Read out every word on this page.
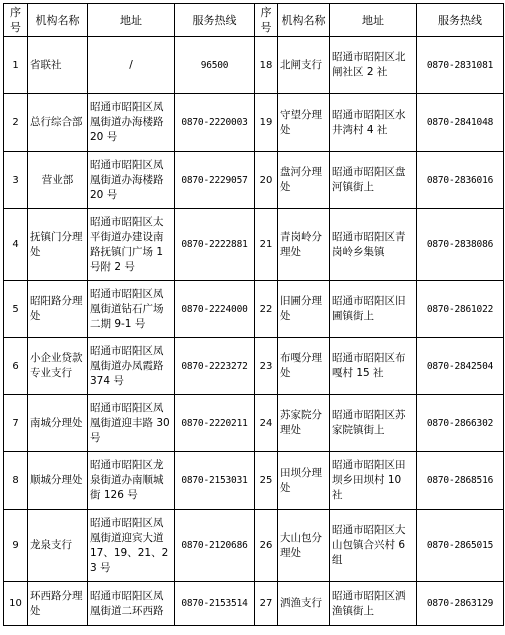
序号	机构名称	地址	服务热线	序号	机构名称	地址	服务热线
1	省联社	/	96500	18	北闸支行	昭通市昭阳区北闸社区 2 社	0870-2831081
2	总行综合部	昭通市昭阳区凤凰街道办海楼路 20 号	0870-2220003	19	守望分理处	昭通市昭阳区水井湾村 4 社	0870-2841048
3	营业部	昭通市昭阳区凤凰街道办海楼路 20 号	0870-2229057	20	盘河分理处	昭通市昭阳区盘河镇街上	0870-2836016
4	抚镇门分理处	昭通市昭阳区太平街道办建设南路抚镇门广场 1 号附 2 号	0870-2222881	21	青岗岭分理处	昭通市昭阳区青岗岭乡集镇	0870-2838086
5	昭阳路分理处	昭通市昭阳区凤凰街道钻石广场二期 9-1 号	0870-2224000	22	旧圃分理处	昭通市昭阳区旧圃镇街上	0870-2861022
6	小企业贷款专业支行	昭通市昭阳区凤凰街道办凤霞路 374 号	0870-2223272	23	布嘎分理处	昭通市昭阳区布嘎村 15 社	0870-2842504
7	南城分理处	昭通市昭阳区凤凰街道迎丰路 30 号	0870-2220211	24	苏家院分理处	昭通市昭阳区苏家院镇街上	0870-2866302
8	顺城分理处	昭通市昭阳区龙泉街道办南顺城街 126 号	0870-2153031	25	田坝分理处	昭通市昭阳区田坝乡田坝村 10 社	0870-2868516
9	龙泉支行	昭通市昭阳区凤凰街道迎宾大道 17、19、21、23 号	0870-2120686	26	大山包分理处	昭通市昭阳区大山包镇合兴村 6 组	0870-2865015
10	环西路分理处	昭通市昭阳区凤凰街道二环西路	0870-2153514	27	洒渔支行	昭通市昭阳区洒渔镇街上	0870-2863129
